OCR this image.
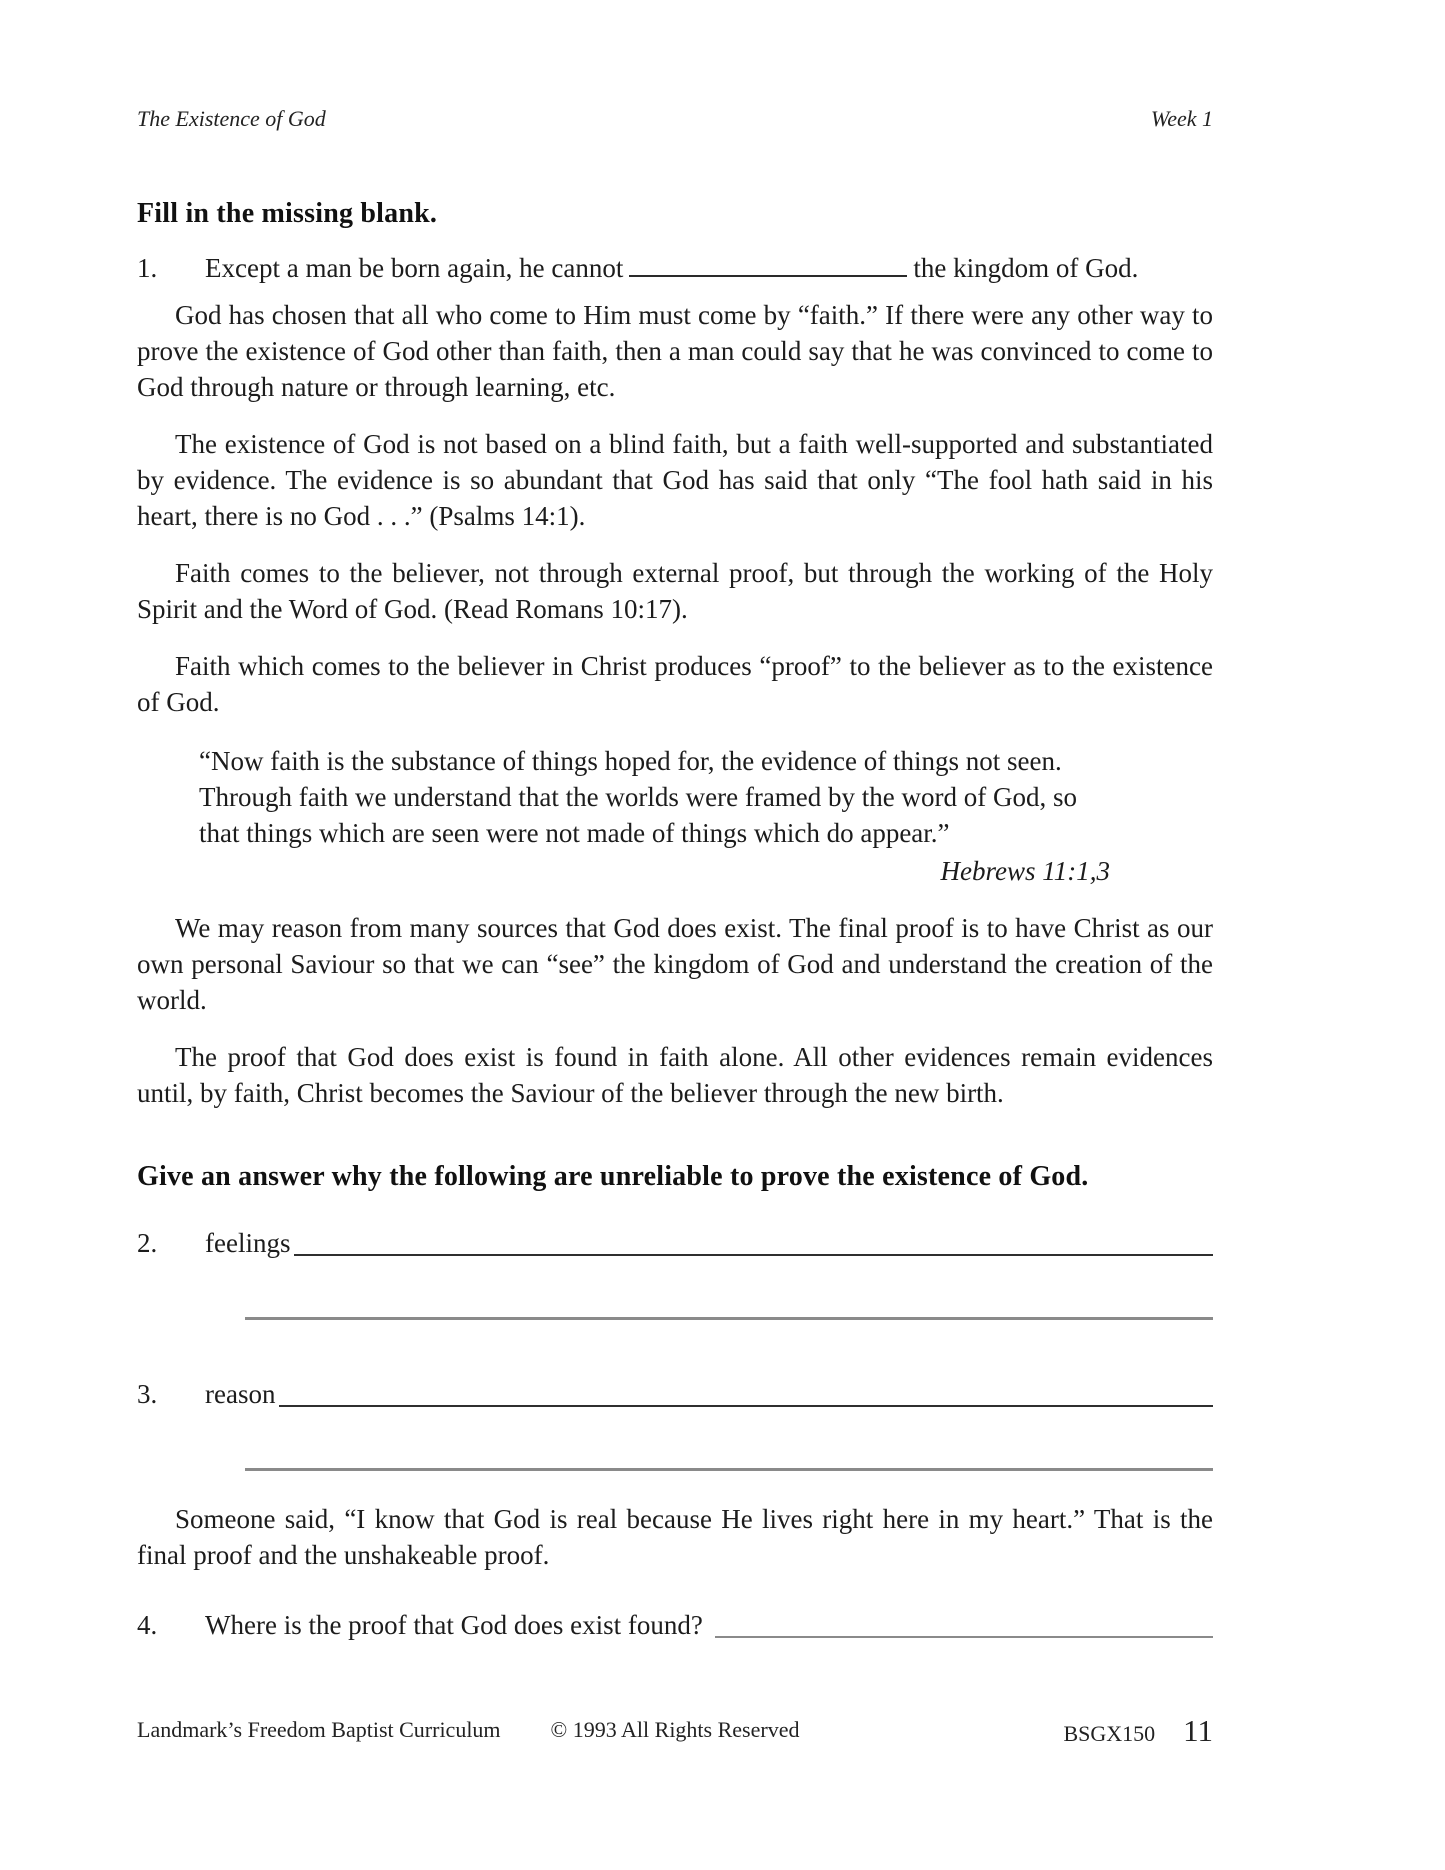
The Existence of God	Week 1
Fill in the missing blank.
1. Except a man be born again, he cannot	the kingdom of God.
God has chosen that all who come to Him must come by “faith.” If there were any other way to prove the existence of God other than faith, then a man could say that he was convinced to come to God through nature or through learning, etc.
The existence of God is not based on a blind faith, but a faith well-supported and substantiated by evidence. The evidence is so abundant that God has said that only “The fool hath said in his heart, there is no God . . .” (Psalms 14:1).
Faith comes to the believer, not through external proof, but through the working of the Holy Spirit and the Word of God. (Read Romans 10:17).
Faith which comes to the believer in Christ produces “proof” to the believer as to the existence of God.
“Now faith is the substance of things hoped for, the evidence of things not seen. Through faith we understand that the worlds were framed by the word of God, so that things which are seen were not made of things which do appear.”
Hebrews 11:1,3
We may reason from many sources that God does exist. The final proof is to have Christ as our own personal Saviour so that we can “see” the kingdom of God and understand the creation of the world.
The proof that God does exist is found in faith alone. All other evidences remain evidences until, by faith, Christ becomes the Saviour of the believer through the new birth.
Give an answer why the following are unreliable to prove the existence of God.
2.	feelings
3.	reason
Someone said, “I know that God is real because He lives right here in my heart.” That is the final proof and the unshakeable proof.
4.	Where is the proof that God does exist found?
Landmark’s Freedom Baptist Curriculum	© 1993 All Rights Reserved	BSGX150 11
